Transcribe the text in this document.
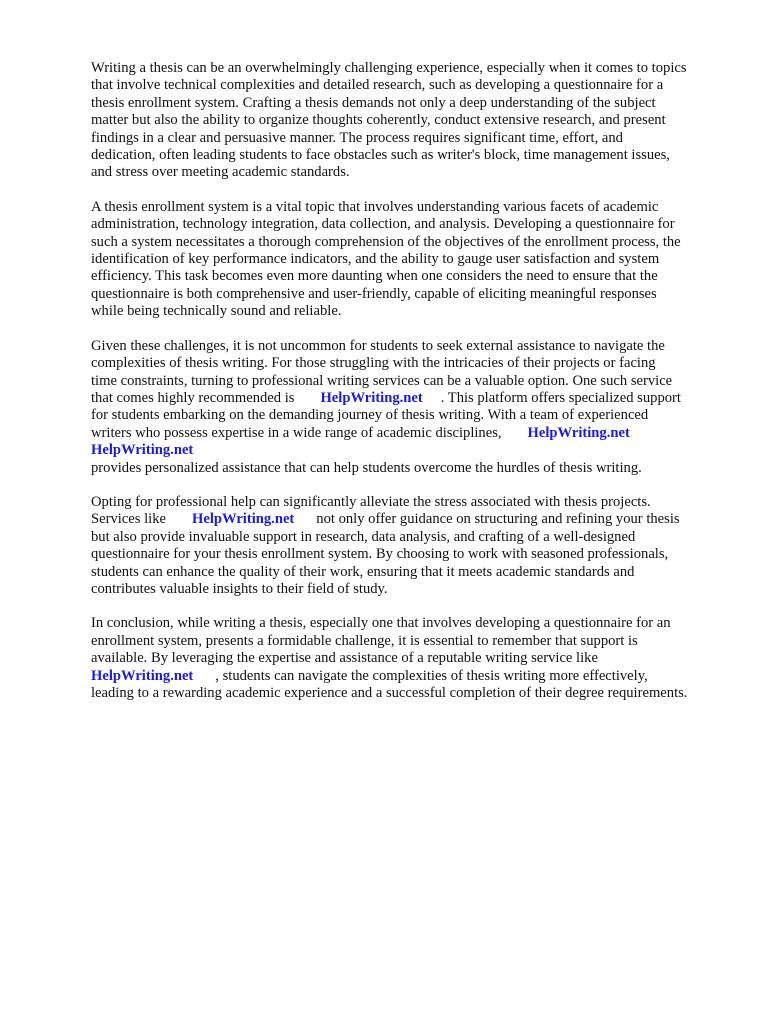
Writing a thesis can be an overwhelmingly challenging experience, especially when it comes to topics
that involve technical complexities and detailed research, such as developing a questionnaire for a
thesis enrollment system. Crafting a thesis demands not only a deep understanding of the subject
matter but also the ability to organize thoughts coherently, conduct extensive research, and present
findings in a clear and persuasive manner. The process requires significant time, effort, and
dedication, often leading students to face obstacles such as writer's block, time management issues,
and stress over meeting academic standards.

A thesis enrollment system is a vital topic that involves understanding various facets of academic
administration, technology integration, data collection, and analysis. Developing a questionnaire for
such a system necessitates a thorough comprehension of the objectives of the enrollment process, the
identification of key performance indicators, and the ability to gauge user satisfaction and system
efficiency. This task becomes even more daunting when one considers the need to ensure that the
questionnaire is both comprehensive and user-friendly, capable of eliciting meaningful responses
while being technically sound and reliable.

Given these challenges, it is not uncommon for students to seek external assistance to navigate the
complexities of thesis writing. For those struggling with the intricacies of their projects or facing
time constraints, turning to professional writing services can be a valuable option. One such service
that comes highly recommended is HelpWriting.net . This platform offers specialized support
for students embarking on the demanding journey of thesis writing. With a team of experienced
writers who possess expertise in a wide range of academic disciplines, HelpWriting.net
HelpWriting.net
provides personalized assistance that can help students overcome the hurdles of thesis writing.

Opting for professional help can significantly alleviate the stress associated with thesis projects.
Services like HelpWriting.net not only offer guidance on structuring and refining your thesis
but also provide invaluable support in research, data analysis, and crafting of a well-designed
questionnaire for your thesis enrollment system. By choosing to work with seasoned professionals,
students can enhance the quality of their work, ensuring that it meets academic standards and
contributes valuable insights to their field of study.

In conclusion, while writing a thesis, especially one that involves developing a questionnaire for an
enrollment system, presents a formidable challenge, it is essential to remember that support is
available. By leveraging the expertise and assistance of a reputable writing service like
HelpWriting.net , students can navigate the complexities of thesis writing more effectively,
leading to a rewarding academic experience and a successful completion of their degree requirements.
